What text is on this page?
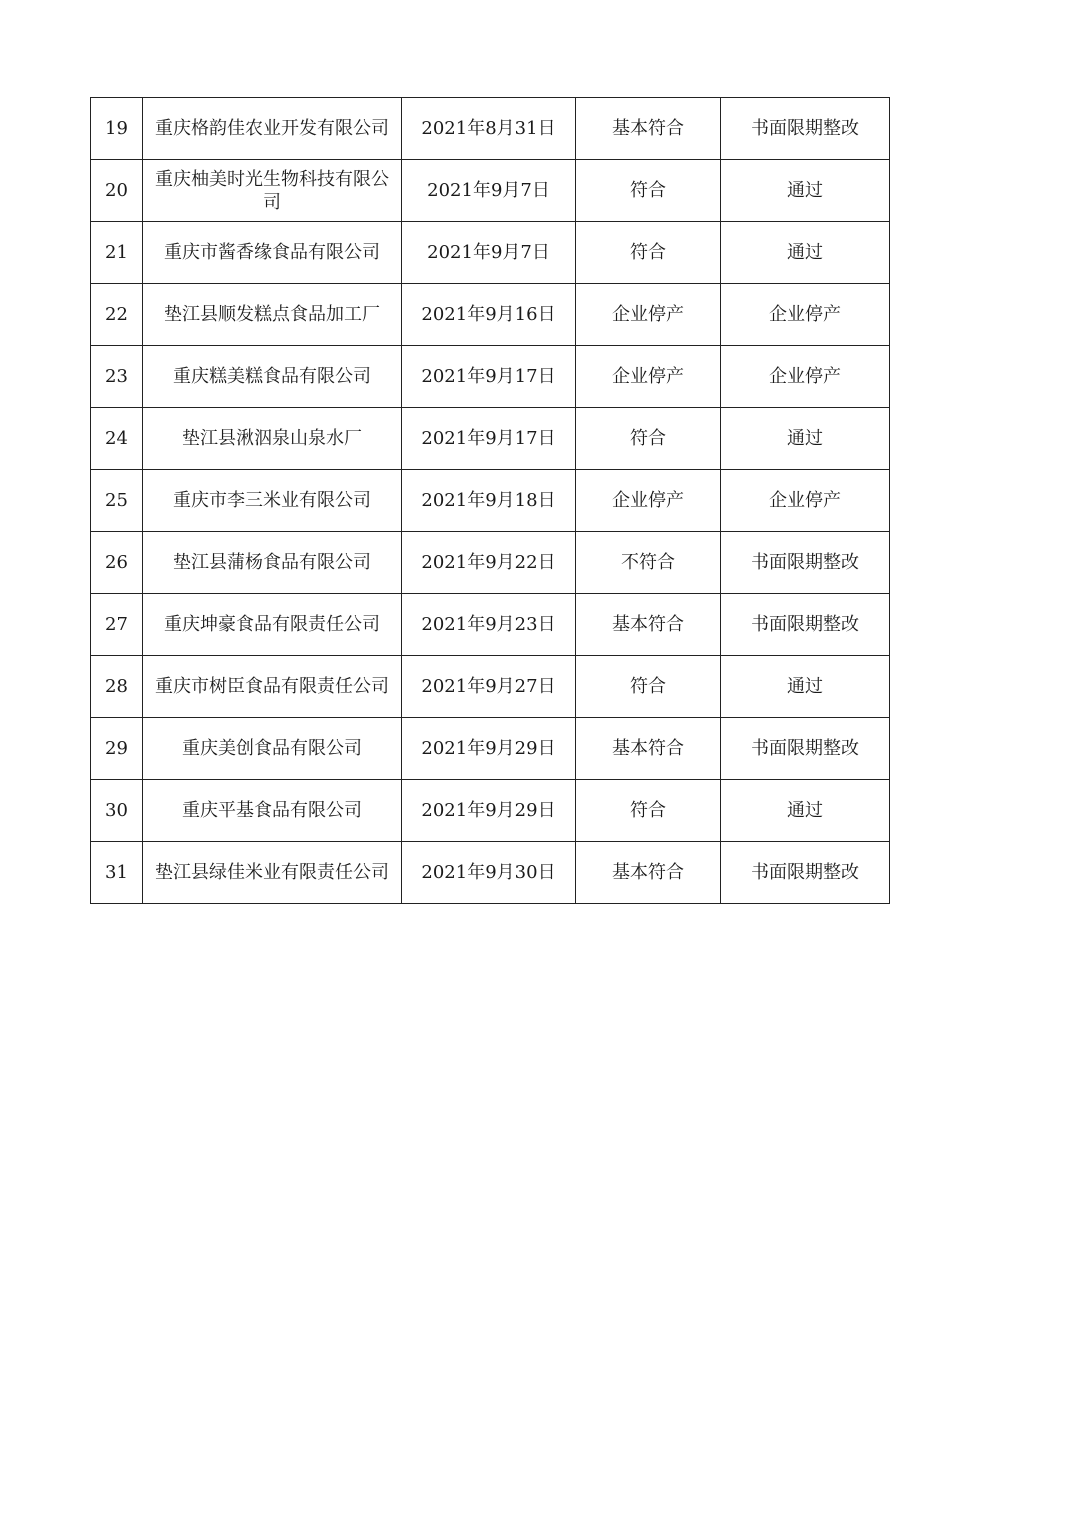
19	重庆格韵佳农业开发有限公司	2021年8月31日	基本符合	书面限期整改
20	重庆柚美时光生物科技有限公司	2021年9月7日	符合	通过
21	重庆市酱香缘食品有限公司	2021年9月7日	符合	通过
22	垫江县顺发糕点食品加工厂	2021年9月16日	企业停产	企业停产
23	重庆糕美糕食品有限公司	2021年9月17日	企业停产	企业停产
24	垫江县湫泅泉山泉水厂	2021年9月17日	符合	通过
25	重庆市李三米业有限公司	2021年9月18日	企业停产	企业停产
26	垫江县蒲杨食品有限公司	2021年9月22日	不符合	书面限期整改
27	重庆坤豪食品有限责任公司	2021年9月23日	基本符合	书面限期整改
28	重庆市树臣食品有限责任公司	2021年9月27日	符合	通过
29	重庆美创食品有限公司	2021年9月29日	基本符合	书面限期整改
30	重庆平基食品有限公司	2021年9月29日	符合	通过
31	垫江县绿佳米业有限责任公司	2021年9月30日	基本符合	书面限期整改
